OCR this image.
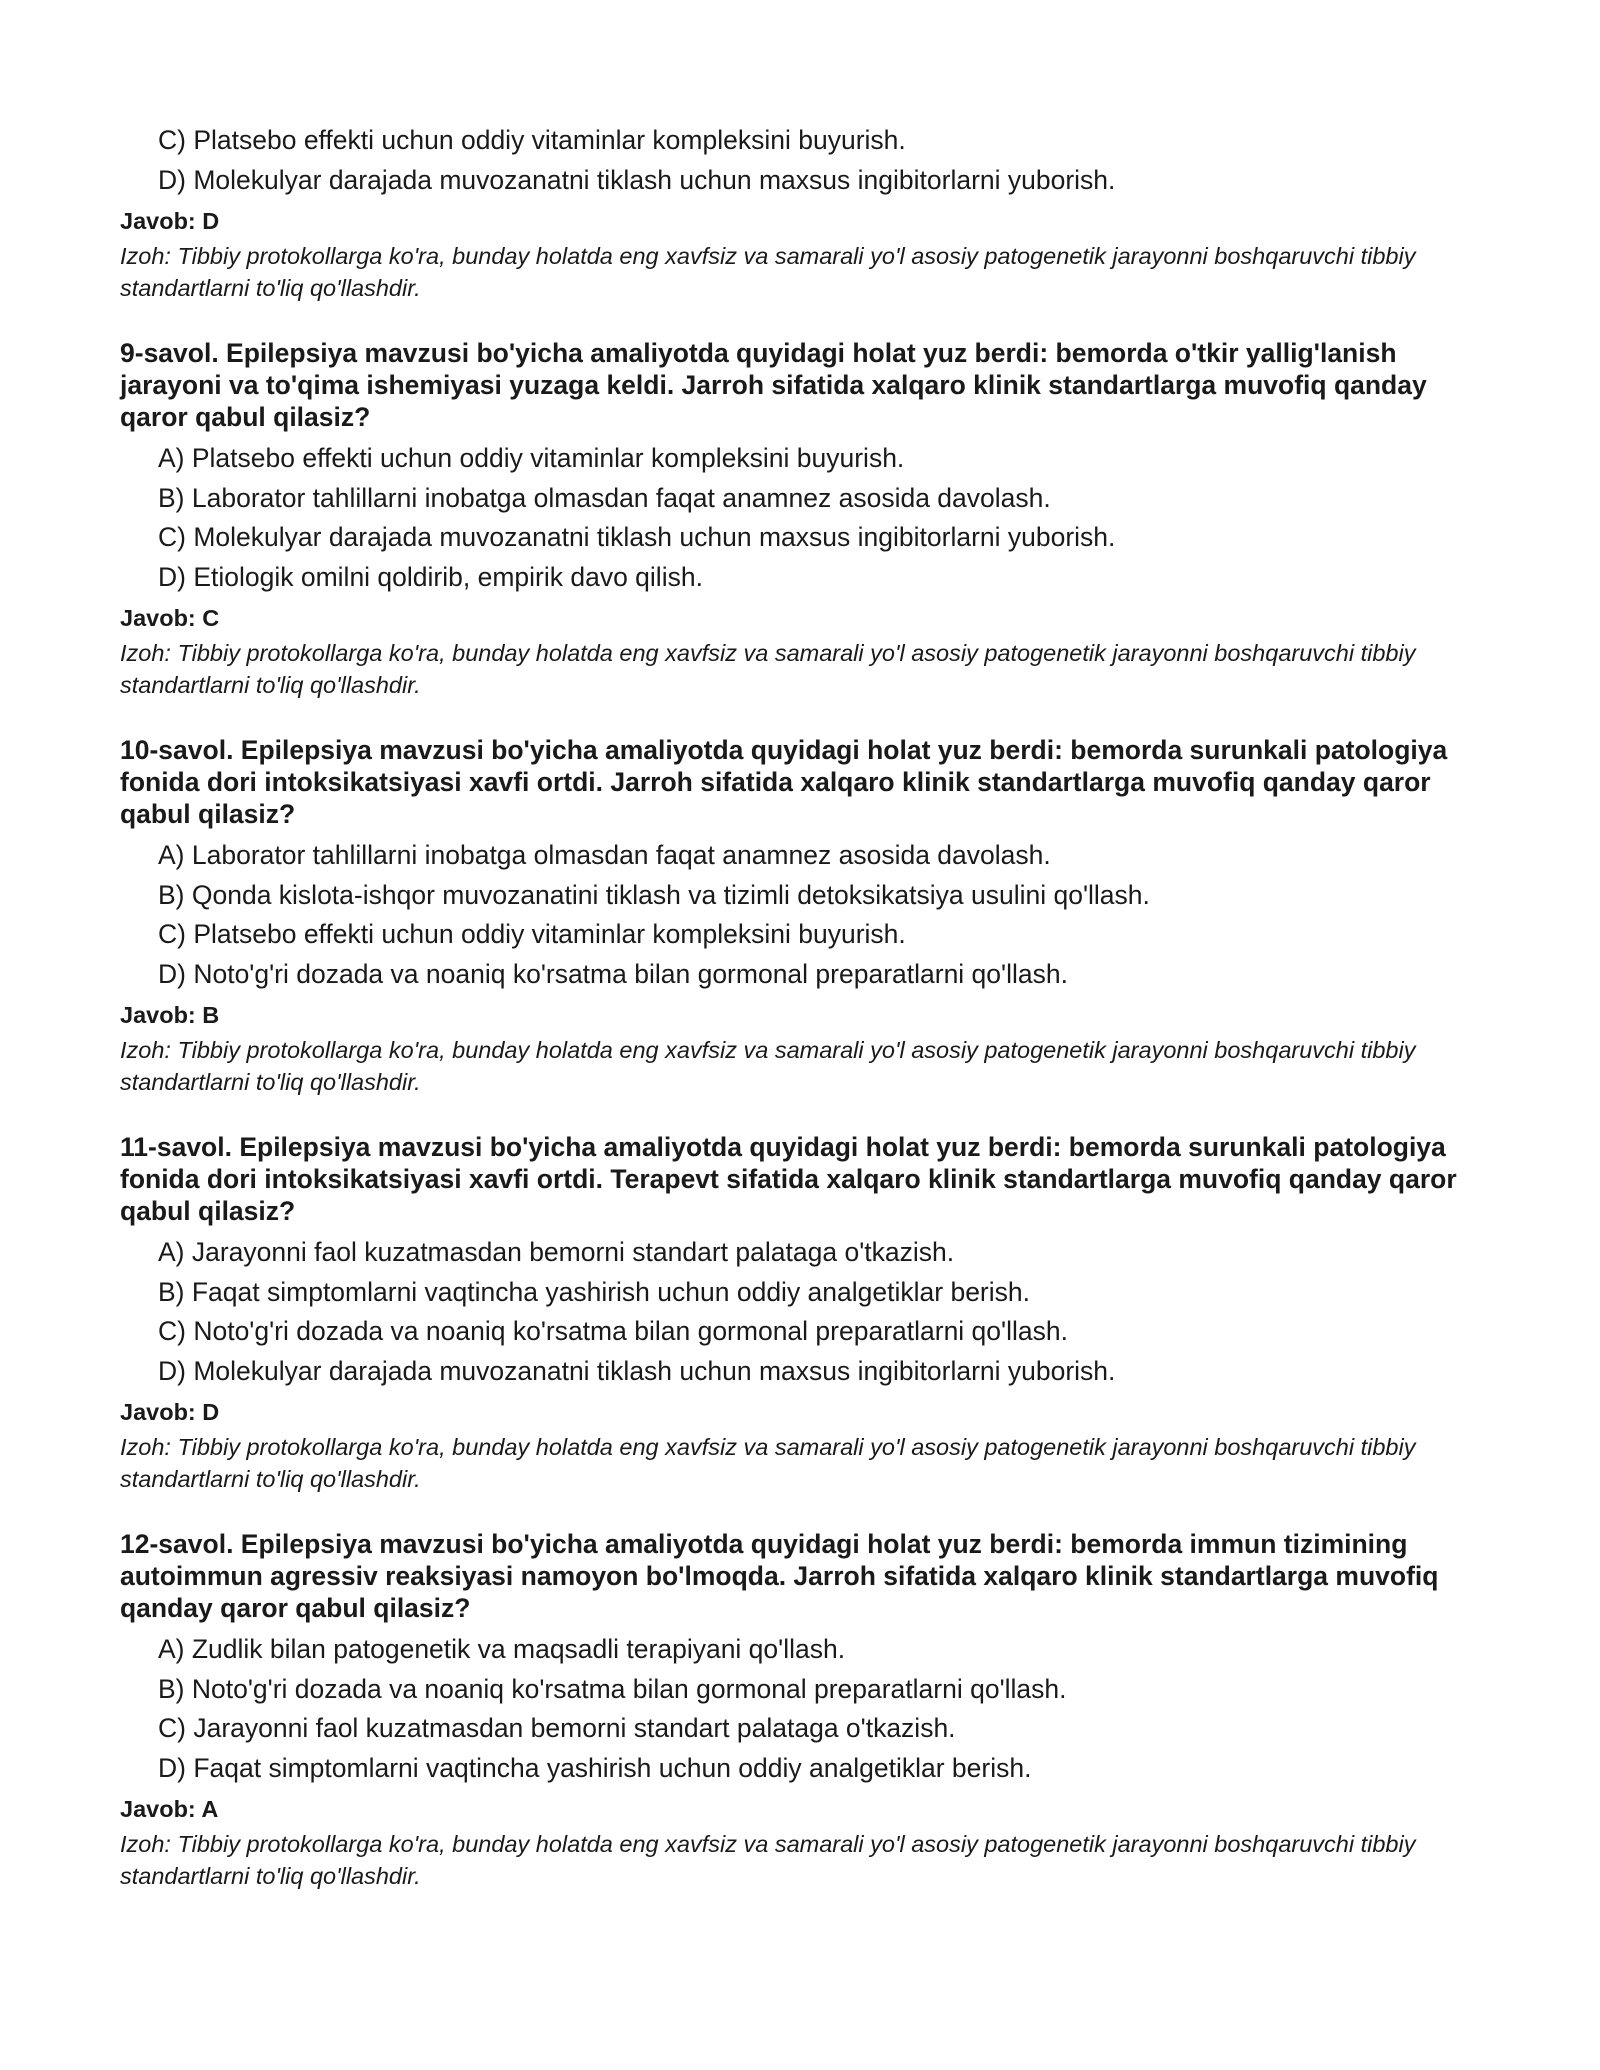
C) Platsebo effekti uchun oddiy vitaminlar kompleksini buyurish.
D) Molekulyar darajada muvozanatni tiklash uchun maxsus ingibitorlarni yuborish.
Javob: D
Izoh: Tibbiy protokollarga ko'ra, bunday holatda eng xavfsiz va samarali yo'l asosiy patogenetik jarayonni boshqaruvchi tibbiy standartlarni to'liq qo'llashdir.
9-savol. Epilepsiya mavzusi bo'yicha amaliyotda quyidagi holat yuz berdi: bemorda o'tkir yallig'lanish jarayoni va to'qima ishemiyasi yuzaga keldi. Jarroh sifatida xalqaro klinik standartlarga muvofiq qanday qaror qabul qilasiz?
A) Platsebo effekti uchun oddiy vitaminlar kompleksini buyurish.
B) Laborator tahlillarni inobatga olmasdan faqat anamnez asosida davolash.
C) Molekulyar darajada muvozanatni tiklash uchun maxsus ingibitorlarni yuborish.
D) Etiologik omilni qoldirib, empirik davo qilish.
Javob: C
Izoh: Tibbiy protokollarga ko'ra, bunday holatda eng xavfsiz va samarali yo'l asosiy patogenetik jarayonni boshqaruvchi tibbiy standartlarni to'liq qo'llashdir.
10-savol. Epilepsiya mavzusi bo'yicha amaliyotda quyidagi holat yuz berdi: bemorda surunkali patologiya fonida dori intoksikatsiyasi xavfi ortdi. Jarroh sifatida xalqaro klinik standartlarga muvofiq qanday qaror qabul qilasiz?
A) Laborator tahlillarni inobatga olmasdan faqat anamnez asosida davolash.
B) Qonda kislota-ishqor muvozanatini tiklash va tizimli detoksikatsiya usulini qo'llash.
C) Platsebo effekti uchun oddiy vitaminlar kompleksini buyurish.
D) Noto'g'ri dozada va noaniq ko'rsatma bilan gormonal preparatlarni qo'llash.
Javob: B
Izoh: Tibbiy protokollarga ko'ra, bunday holatda eng xavfsiz va samarali yo'l asosiy patogenetik jarayonni boshqaruvchi tibbiy standartlarni to'liq qo'llashdir.
11-savol. Epilepsiya mavzusi bo'yicha amaliyotda quyidagi holat yuz berdi: bemorda surunkali patologiya fonida dori intoksikatsiyasi xavfi ortdi. Terapevt sifatida xalqaro klinik standartlarga muvofiq qanday qaror qabul qilasiz?
A) Jarayonni faol kuzatmasdan bemorni standart palataga o'tkazish.
B) Faqat simptomlarni vaqtincha yashirish uchun oddiy analgetiklar berish.
C) Noto'g'ri dozada va noaniq ko'rsatma bilan gormonal preparatlarni qo'llash.
D) Molekulyar darajada muvozanatni tiklash uchun maxsus ingibitorlarni yuborish.
Javob: D
Izoh: Tibbiy protokollarga ko'ra, bunday holatda eng xavfsiz va samarali yo'l asosiy patogenetik jarayonni boshqaruvchi tibbiy standartlarni to'liq qo'llashdir.
12-savol. Epilepsiya mavzusi bo'yicha amaliyotda quyidagi holat yuz berdi: bemorda immun tizimining autoimmun agressiv reaksiyasi namoyon bo'lmoqda. Jarroh sifatida xalqaro klinik standartlarga muvofiq qanday qaror qabul qilasiz?
A) Zudlik bilan patogenetik va maqsadli terapiyani qo'llash.
B) Noto'g'ri dozada va noaniq ko'rsatma bilan gormonal preparatlarni qo'llash.
C) Jarayonni faol kuzatmasdan bemorni standart palataga o'tkazish.
D) Faqat simptomlarni vaqtincha yashirish uchun oddiy analgetiklar berish.
Javob: A
Izoh: Tibbiy protokollarga ko'ra, bunday holatda eng xavfsiz va samarali yo'l asosiy patogenetik jarayonni boshqaruvchi tibbiy standartlarni to'liq qo'llashdir.
